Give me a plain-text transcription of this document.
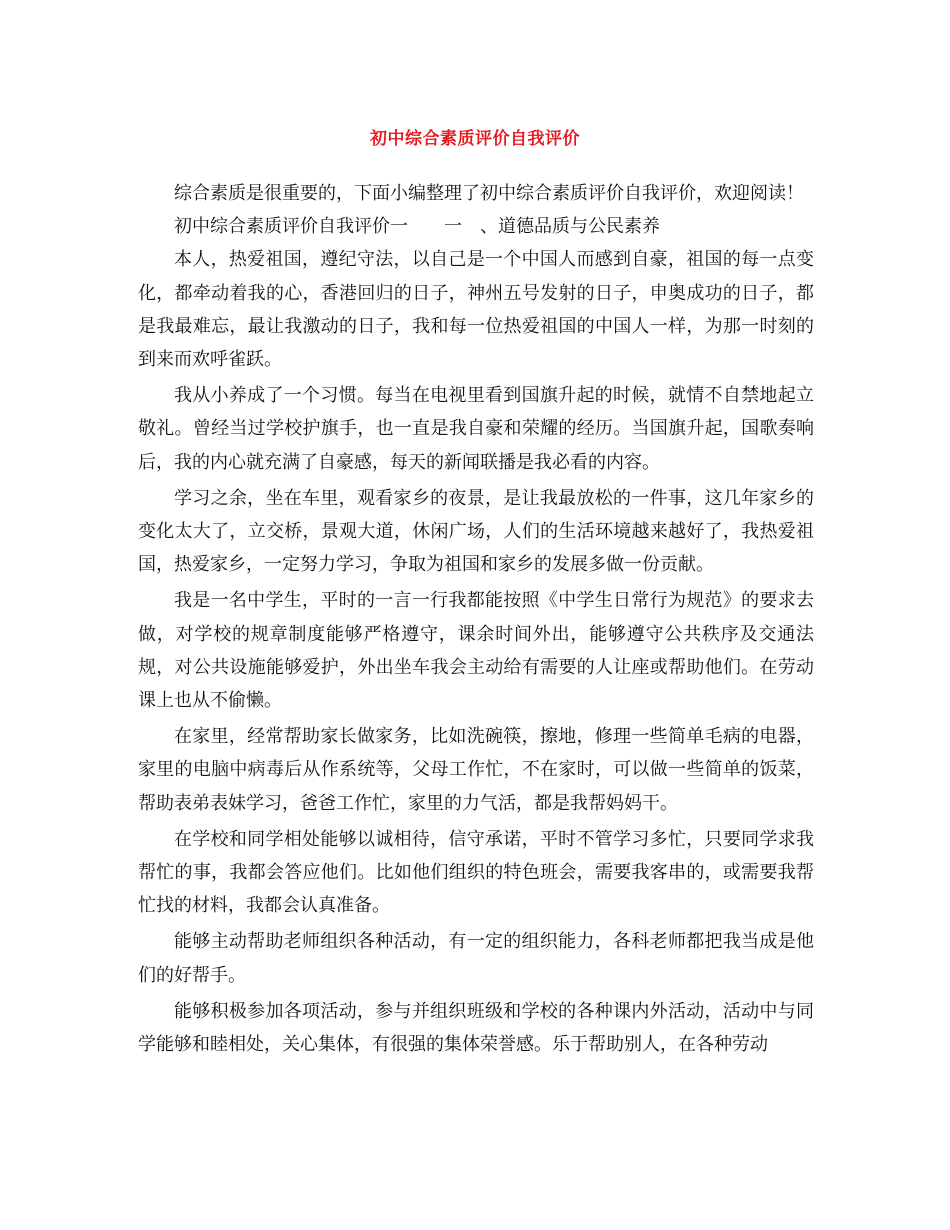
初中综合素质评价自我评价

综合素质是很重要的，下面小编整理了初中综合素质评价自我评价，欢迎阅读！

初中综合素质评价自我评价一　　一　、道德品质与公民素养

本人，热爱祖国，遵纪守法，以自己是一个中国人而感到自豪，祖国的每一点变化，都牵动着我的心，香港回归的日子，神州五号发射的日子，申奥成功的日子，都是我最难忘，最让我激动的日子，我和每一位热爱祖国的中国人一样，为那一时刻的到来而欢呼雀跃。

我从小养成了一个习惯。每当在电视里看到国旗升起的时候，就情不自禁地起立敬礼。曾经当过学校护旗手，也一直是我自豪和荣耀的经历。当国旗升起，国歌奏响后，我的内心就充满了自豪感，每天的新闻联播是我必看的内容。

学习之余，坐在车里，观看家乡的夜景，是让我最放松的一件事，这几年家乡的变化太大了，立交桥，景观大道，休闲广场，人们的生活环境越来越好了，我热爱祖国，热爱家乡，一定努力学习，争取为祖国和家乡的发展多做一份贡献。

我是一名中学生，平时的一言一行我都能按照《中学生日常行为规范》的要求去做，对学校的规章制度能够严格遵守，课余时间外出，能够遵守公共秩序及交通法规，对公共设施能够爱护，外出坐车我会主动给有需要的人让座或帮助他们。在劳动课上也从不偷懒。

在家里，经常帮助家长做家务，比如洗碗筷，擦地，修理一些简单毛病的电器，家里的电脑中病毒后从作系统等，父母工作忙，不在家时，可以做一些简单的饭菜，帮助表弟表妹学习，爸爸工作忙，家里的力气活，都是我帮妈妈干。

在学校和同学相处能够以诚相待，信守承诺，平时不管学习多忙，只要同学求我帮忙的事，我都会答应他们。比如他们组织的特色班会，需要我客串的，或需要我帮忙找的材料，我都会认真准备。

能够主动帮助老师组织各种活动，有一定的组织能力，各科老师都把我当成是他们的好帮手。

能够积极参加各项活动，参与并组织班级和学校的各种课内外活动，活动中与同学能够和睦相处，关心集体，有很强的集体荣誉感。乐于帮助别人，在各种劳动
